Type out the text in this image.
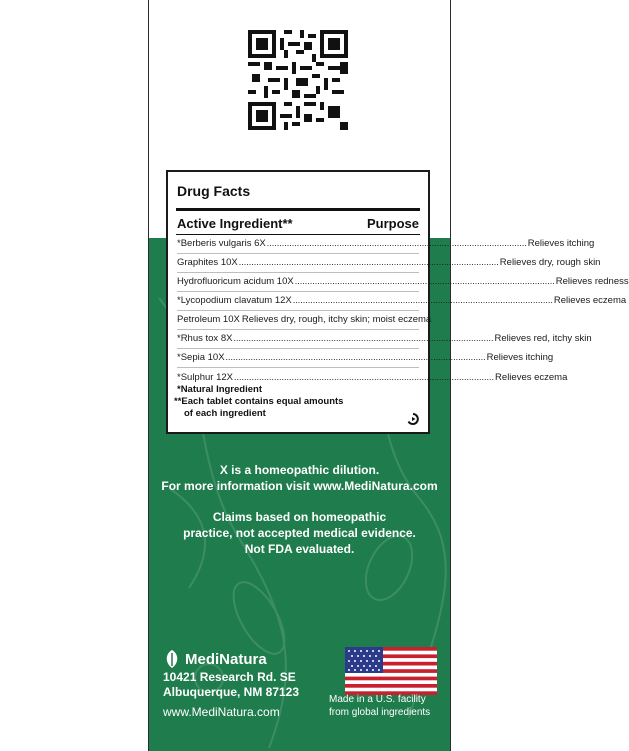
Drug Facts
Active Ingredient**	Purpose
*Berberis vulgaris 6X ........................................................................................................ Relieves itching
Graphites 10X ........................................................................................................ Relieves dry, rough skin
Hydrofluoricum acidum 10X ........................................................................................................ Relieves redness
*Lycopodium clavatum 12X ........................................................................................................ Relieves eczema
Petroleum 10X Relieves dry, rough, itchy skin; moist eczema
*Rhus tox 8X ........................................................................................................ Relieves red, itchy skin
*Sepia 10X ........................................................................................................ Relieves itching
*Sulphur 12X ........................................................................................................ Relieves eczema
*Natural Ingredient
**Each tablet contains equal amounts
of each ingredient
X is a homeopathic dilution.
For more information visit www.MediNatura.com
Claims based on homeopathic
practice, not accepted medical evidence.
Not FDA evaluated.
MediNatura
10421 Research Rd. SE
Albuquerque, NM 87123
www.MediNatura.com
Made in a U.S. facility
from global ingredients
